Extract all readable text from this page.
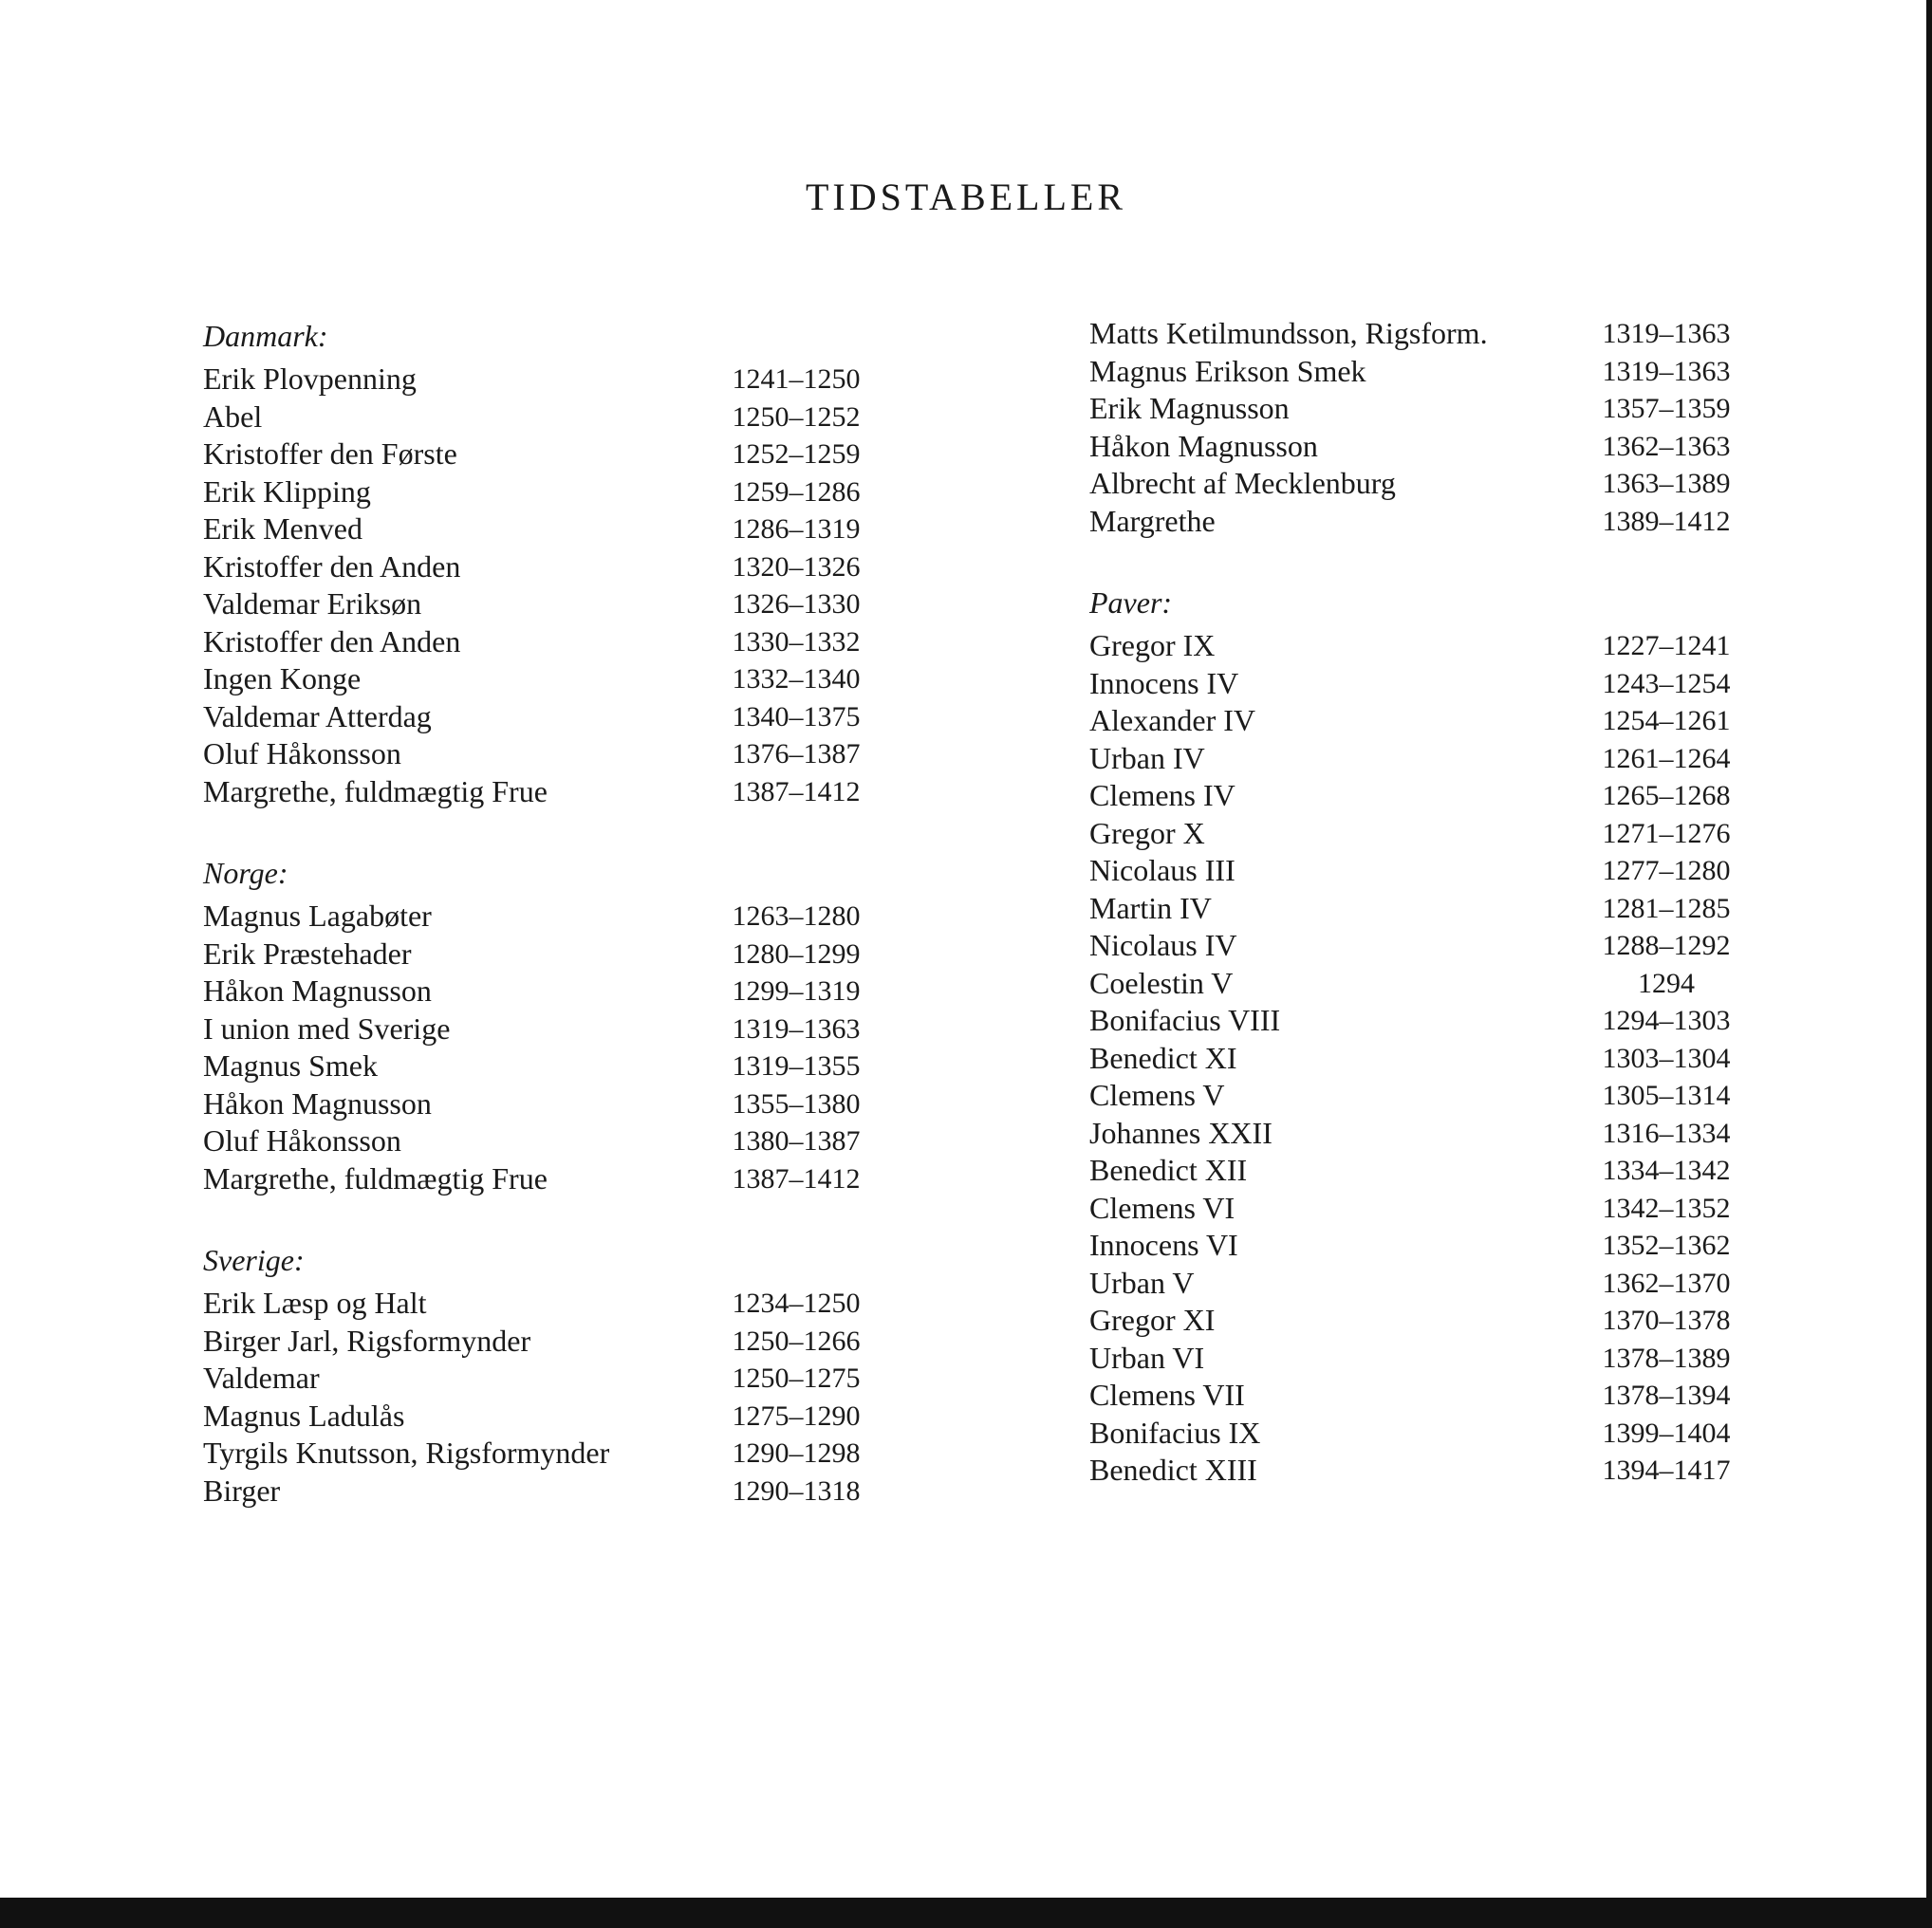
TIDSTABELLER
Danmark:
Erik Plovpenning	1241–1250
Abel	1250–1252
Kristoffer den Første	1252–1259
Erik Klipping	1259–1286
Erik Menved	1286–1319
Kristoffer den Anden	1320–1326
Valdemar Eriksøn	1326–1330
Kristoffer den Anden	1330–1332
Ingen Konge	1332–1340
Valdemar Atterdag	1340–1375
Oluf Håkonsson	1376–1387
Margrethe, fuldmægtig Frue	1387–1412
Norge:
Magnus Lagabøter	1263–1280
Erik Præstehader	1280–1299
Håkon Magnusson	1299–1319
I union med Sverige	1319–1363
Magnus Smek	1319–1355
Håkon Magnusson	1355–1380
Oluf Håkonsson	1380–1387
Margrethe, fuldmægtig Frue	1387–1412
Sverige:
Erik Læsp og Halt	1234–1250
Birger Jarl, Rigsformynder	1250–1266
Valdemar	1250–1275
Magnus Ladulås	1275–1290
Tyrgils Knutsson, Rigsformynder	1290–1298
Birger	1290–1318
Matts Ketilmundsson, Rigsform.	1319–1363
Magnus Erikson Smek	1319–1363
Erik Magnusson	1357–1359
Håkon Magnusson	1362–1363
Albrecht af Mecklenburg	1363–1389
Margrethe	1389–1412
Paver:
Gregor IX	1227–1241
Innocens IV	1243–1254
Alexander IV	1254–1261
Urban IV	1261–1264
Clemens IV	1265–1268
Gregor X	1271–1276
Nicolaus III	1277–1280
Martin IV	1281–1285
Nicolaus IV	1288–1292
Coelestin V	1294
Bonifacius VIII	1294–1303
Benedict XI	1303–1304
Clemens V	1305–1314
Johannes XXII	1316–1334
Benedict XII	1334–1342
Clemens VI	1342–1352
Innocens VI	1352–1362
Urban V	1362–1370
Gregor XI	1370–1378
Urban VI	1378–1389
Clemens VII	1378–1394
Bonifacius IX	1399–1404
Benedict XIII	1394–1417
